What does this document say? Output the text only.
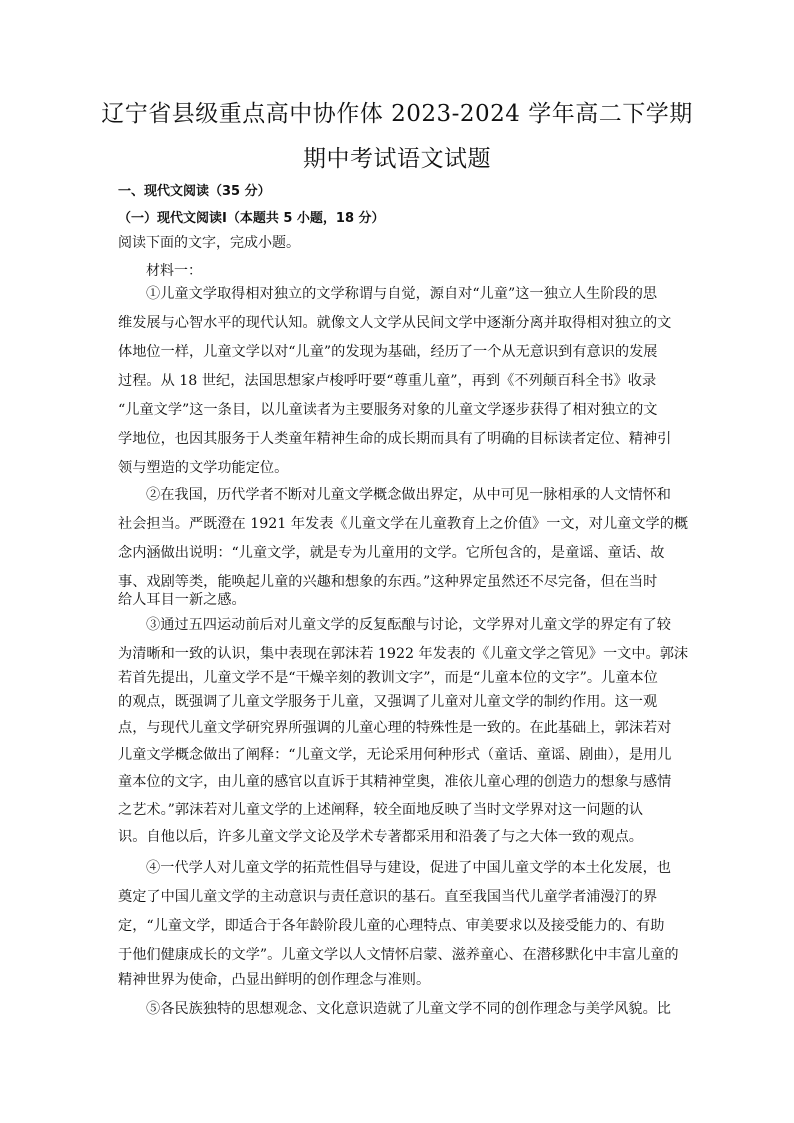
辽宁省县级重点高中协作体 2023-2024 学年高二下学期
期中考试语文试题
一、现代文阅读（35 分）
（一）现代文阅读Ⅰ（本题共 5 小题，18 分）
阅读下面的文字，完成小题。
材料一：
①儿童文学取得相对独立的文学称谓与自觉，源自对“儿童”这一独立人生阶段的思
维发展与心智水平的现代认知。就像文人文学从民间文学中逐渐分离并取得相对独立的文
体地位一样，儿童文学以对“儿童”的发现为基础，经历了一个从无意识到有意识的发展
过程。从 18 世纪，法国思想家卢梭呼吁要“尊重儿童”，再到《不列颠百科全书》收录
“儿童文学”这一条目，以儿童读者为主要服务对象的儿童文学逐步获得了相对独立的文
学地位，也因其服务于人类童年精神生命的成长期而具有了明确的目标读者定位、精神引
领与塑造的文学功能定位。
②在我国，历代学者不断对儿童文学概念做出界定，从中可见一脉相承的人文情怀和
社会担当。严既澄在 1921 年发表《儿童文学在儿童教育上之价值》一文，对儿童文学的概
念内涵做出说明：“儿童文学，就是专为儿童用的文学。它所包含的，是童谣、童话、故
事、戏剧等类，能唤起儿童的兴趣和想象的东西。”这种界定虽然还不尽完备，但在当时
给人耳目一新之感。
③通过五四运动前后对儿童文学的反复酝酿与讨论，文学界对儿童文学的界定有了较
为清晰和一致的认识，集中表现在郭沫若 1922 年发表的《儿童文学之管见》一文中。郭沫
若首先提出，儿童文学不是“干燥辛刻的教训文字”，而是“儿童本位的文字”。儿童本位
的观点，既强调了儿童文学服务于儿童，又强调了儿童对儿童文学的制约作用。这一观
点，与现代儿童文学研究界所强调的儿童心理的特殊性是一致的。在此基础上，郭沫若对
儿童文学概念做出了阐释：“儿童文学，无论采用何种形式（童话、童谣、剧曲），是用儿
童本位的文字，由儿童的感官以直诉于其精神堂奥，准依儿童心理的创造力的想象与感情
之艺术。”郭沫若对儿童文学的上述阐释，较全面地反映了当时文学界对这一问题的认
识。自他以后，许多儿童文学文论及学术专著都采用和沿袭了与之大体一致的观点。
④一代学人对儿童文学的拓荒性倡导与建设，促进了中国儿童文学的本土化发展，也
奠定了中国儿童文学的主动意识与责任意识的基石。直至我国当代儿童学者浦漫汀的界
定，“儿童文学，即适合于各年龄阶段儿童的心理特点、审美要求以及接受能力的、有助
于他们健康成长的文学”。儿童文学以人文情怀启蒙、滋养童心、在潜移默化中丰富儿童的
精神世界为使命，凸显出鲜明的创作理念与准则。
⑤各民族独特的思想观念、文化意识造就了儿童文学不同的创作理念与美学风貌。比
